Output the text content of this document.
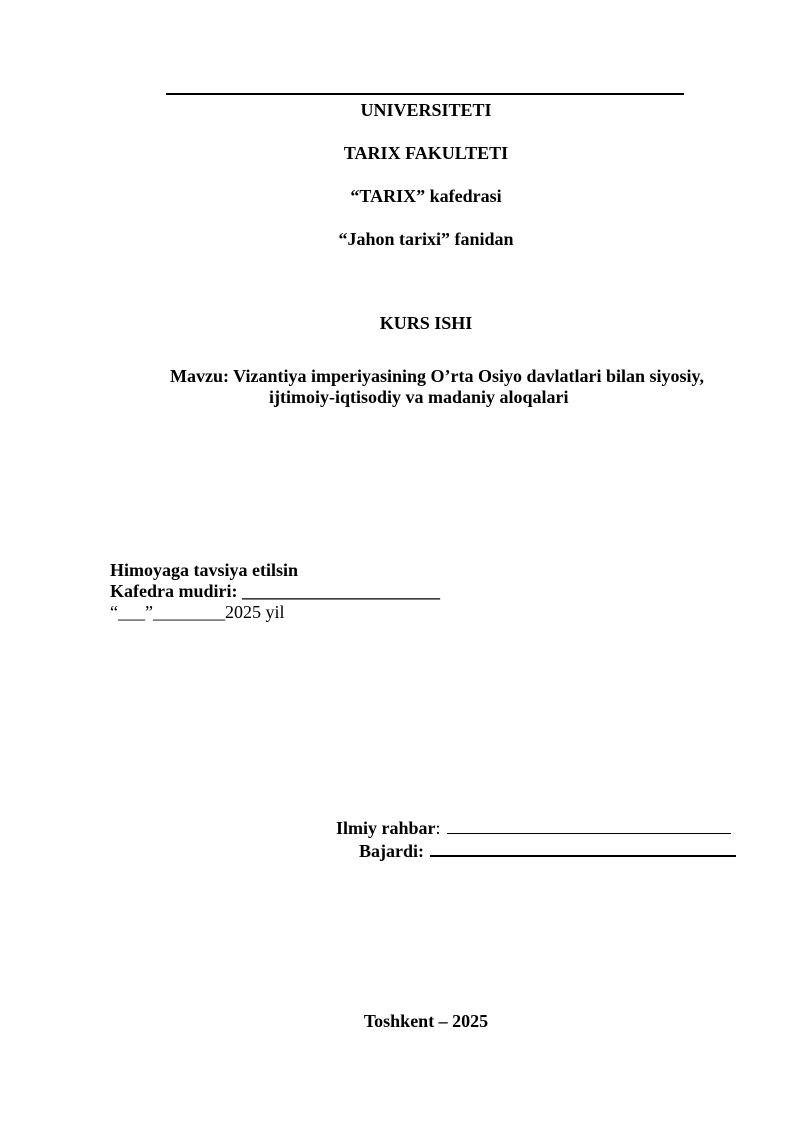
UNIVERSITETI
TARIX FAKULTETI
“TARIX” kafedrasi
“Jahon tarixi” fanidan
KURS ISHI
Mavzu: Vizantiya imperiyasining O’rta Osiyo davlatlari bilan siyosiy,
ijtimoiy-iqtisodiy va madaniy aloqalari
Himoyaga tavsiya etilsin
Kafedra mudiri: ______________________
“___”________2025 yil
Ilmiy rahbar :
Bajardi:
Toshkent – 2025
